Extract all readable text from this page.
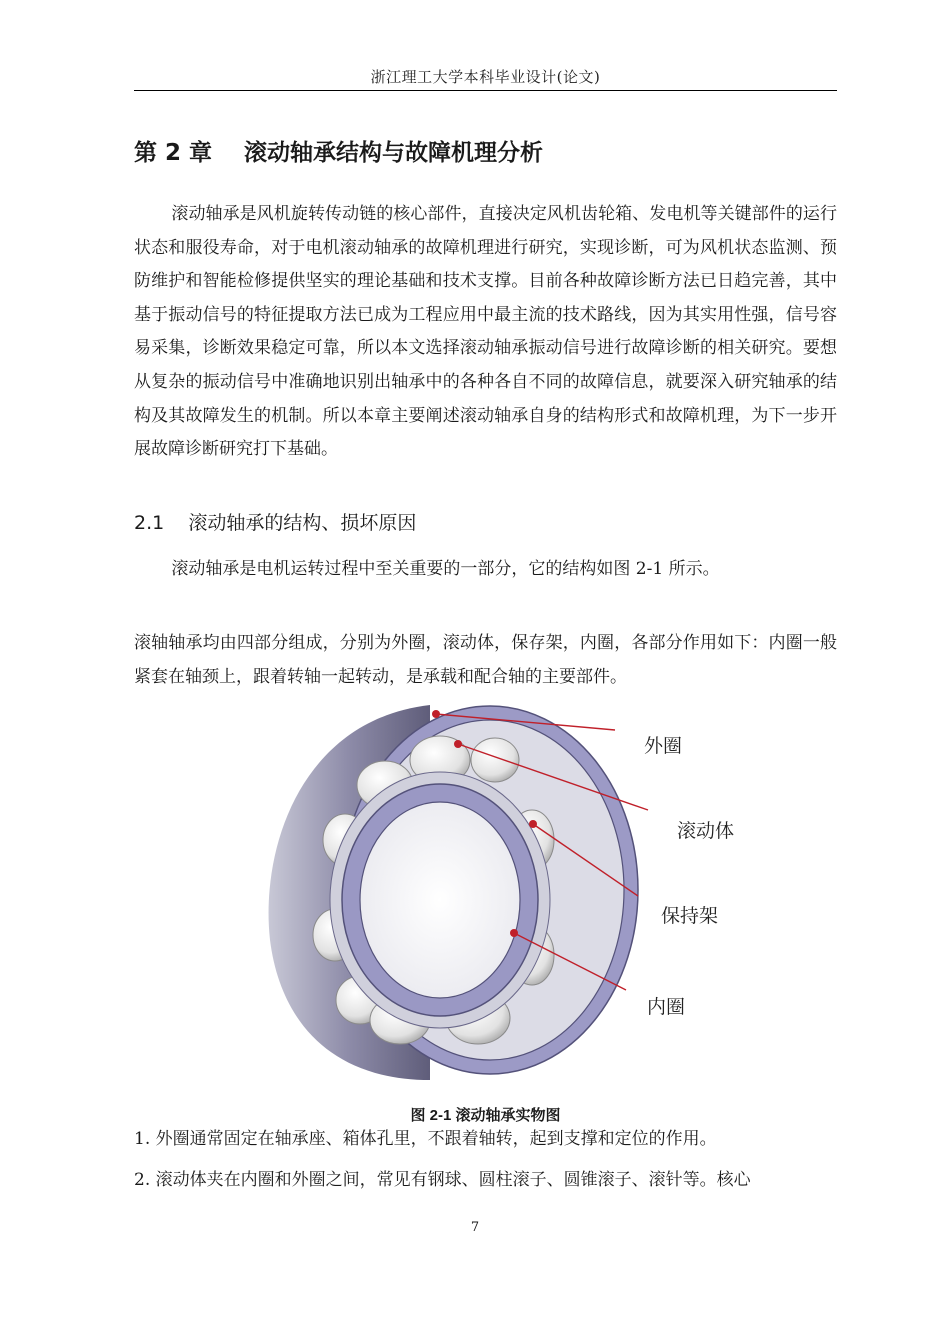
浙江理工大学本科毕业设计(论文)
第 2 章    滚动轴承结构与故障机理分析

滚动轴承是风机旋转传动链的核心部件，直接决定风机齿轮箱、发电机等关键部件的运行状态和服役寿命，对于电机滚动轴承的故障机理进行研究，实现诊断，可为风机状态监测、预防维护和智能检修提供坚实的理论基础和技术支撑。目前各种故障诊断方法已日趋完善，其中基于振动信号的特征提取方法已成为工程应用中最主流的技术路线，因为其实用性强，信号容易采集，诊断效果稳定可靠，所以本文选择滚动轴承振动信号进行故障诊断的相关研究。要想从复杂的振动信号中准确地识别出轴承中的各种各自不同的故障信息，就要深入研究轴承的结构及其故障发生的机制。所以本章主要阐述滚动轴承自身的结构形式和故障机理，为下一步开展故障诊断研究打下基础。

2.1    滚动轴承的结构、损坏原因

滚动轴承是电机运转过程中至关重要的一部分，它的结构如图 2-1 所示。

滚轴轴承均由四部分组成，分别为外圈，滚动体，保存架，内圈，各部分作用如下：内圈一般紧套在轴颈上，跟着转轴一起转动，是承载和配合轴的主要部件。

外圈
滚动体
保持架
内圈
图 2-1 滚动轴承实物图
1. 外圈通常固定在轴承座、箱体孔里，不跟着轴转，起到支撑和定位的作用。
2. 滚动体夹在内圈和外圈之间，常见有钢球、圆柱滚子、圆锥滚子、滚针等。核心
7
